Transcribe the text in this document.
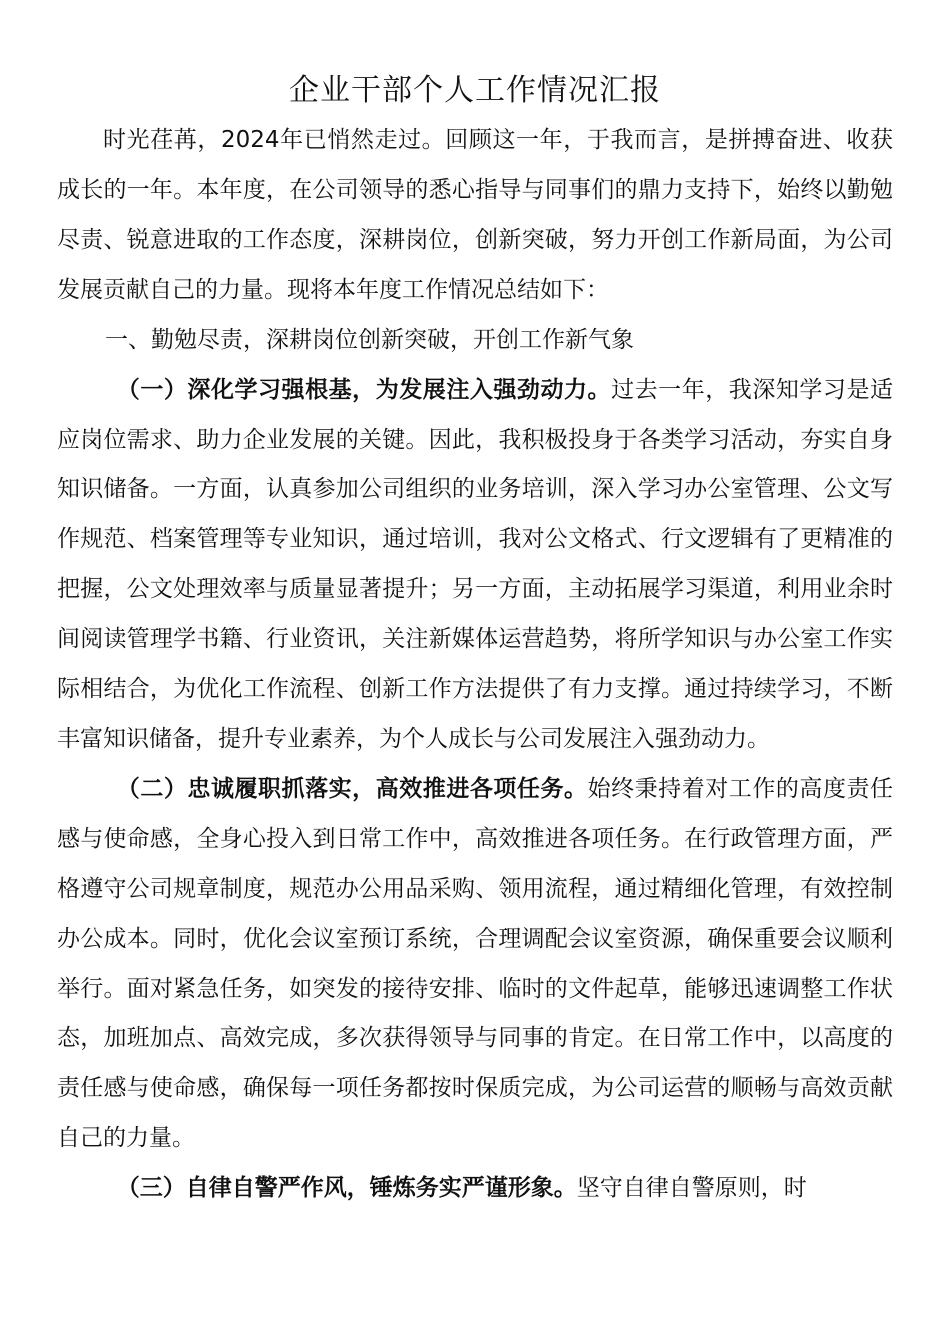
企业干部个人工作情况汇报

时光荏苒，2024年已悄然走过。回顾这一年，于我而言，是拼搏奋进、收获成长的一年。本年度，在公司领导的悉心指导与同事们的鼎力支持下，始终以勤勉尽责、锐意进取的工作态度，深耕岗位，创新突破，努力开创工作新局面，为公司发展贡献自己的力量。现将本年度工作情况总结如下：

一、勤勉尽责，深耕岗位创新突破，开创工作新气象

（一）深化学习强根基，为发展注入强劲动力。过去一年，我深知学习是适应岗位需求、助力企业发展的关键。因此，我积极投身于各类学习活动，夯实自身知识储备。一方面，认真参加公司组织的业务培训，深入学习办公室管理、公文写作规范、档案管理等专业知识，通过培训，我对公文格式、行文逻辑有了更精准的把握，公文处理效率与质量显著提升；另一方面，主动拓展学习渠道，利用业余时间阅读管理学书籍、行业资讯，关注新媒体运营趋势，将所学知识与办公室工作实际相结合，为优化工作流程、创新工作方法提供了有力支撑。通过持续学习，不断丰富知识储备，提升专业素养，为个人成长与公司发展注入强劲动力。

（二）忠诚履职抓落实，高效推进各项任务。始终秉持着对工作的高度责任感与使命感，全身心投入到日常工作中，高效推进各项任务。在行政管理方面，严格遵守公司规章制度，规范办公用品采购、领用流程，通过精细化管理，有效控制办公成本。同时，优化会议室预订系统，合理调配会议室资源，确保重要会议顺利举行。面对紧急任务，如突发的接待安排、临时的文件起草，能够迅速调整工作状态，加班加点、高效完成，多次获得领导与同事的肯定。在日常工作中，以高度的责任感与使命感，确保每一项任务都按时保质完成，为公司运营的顺畅与高效贡献自己的力量。

（三）自律自警严作风，锤炼务实严谨形象。坚守自律自警原则，时
